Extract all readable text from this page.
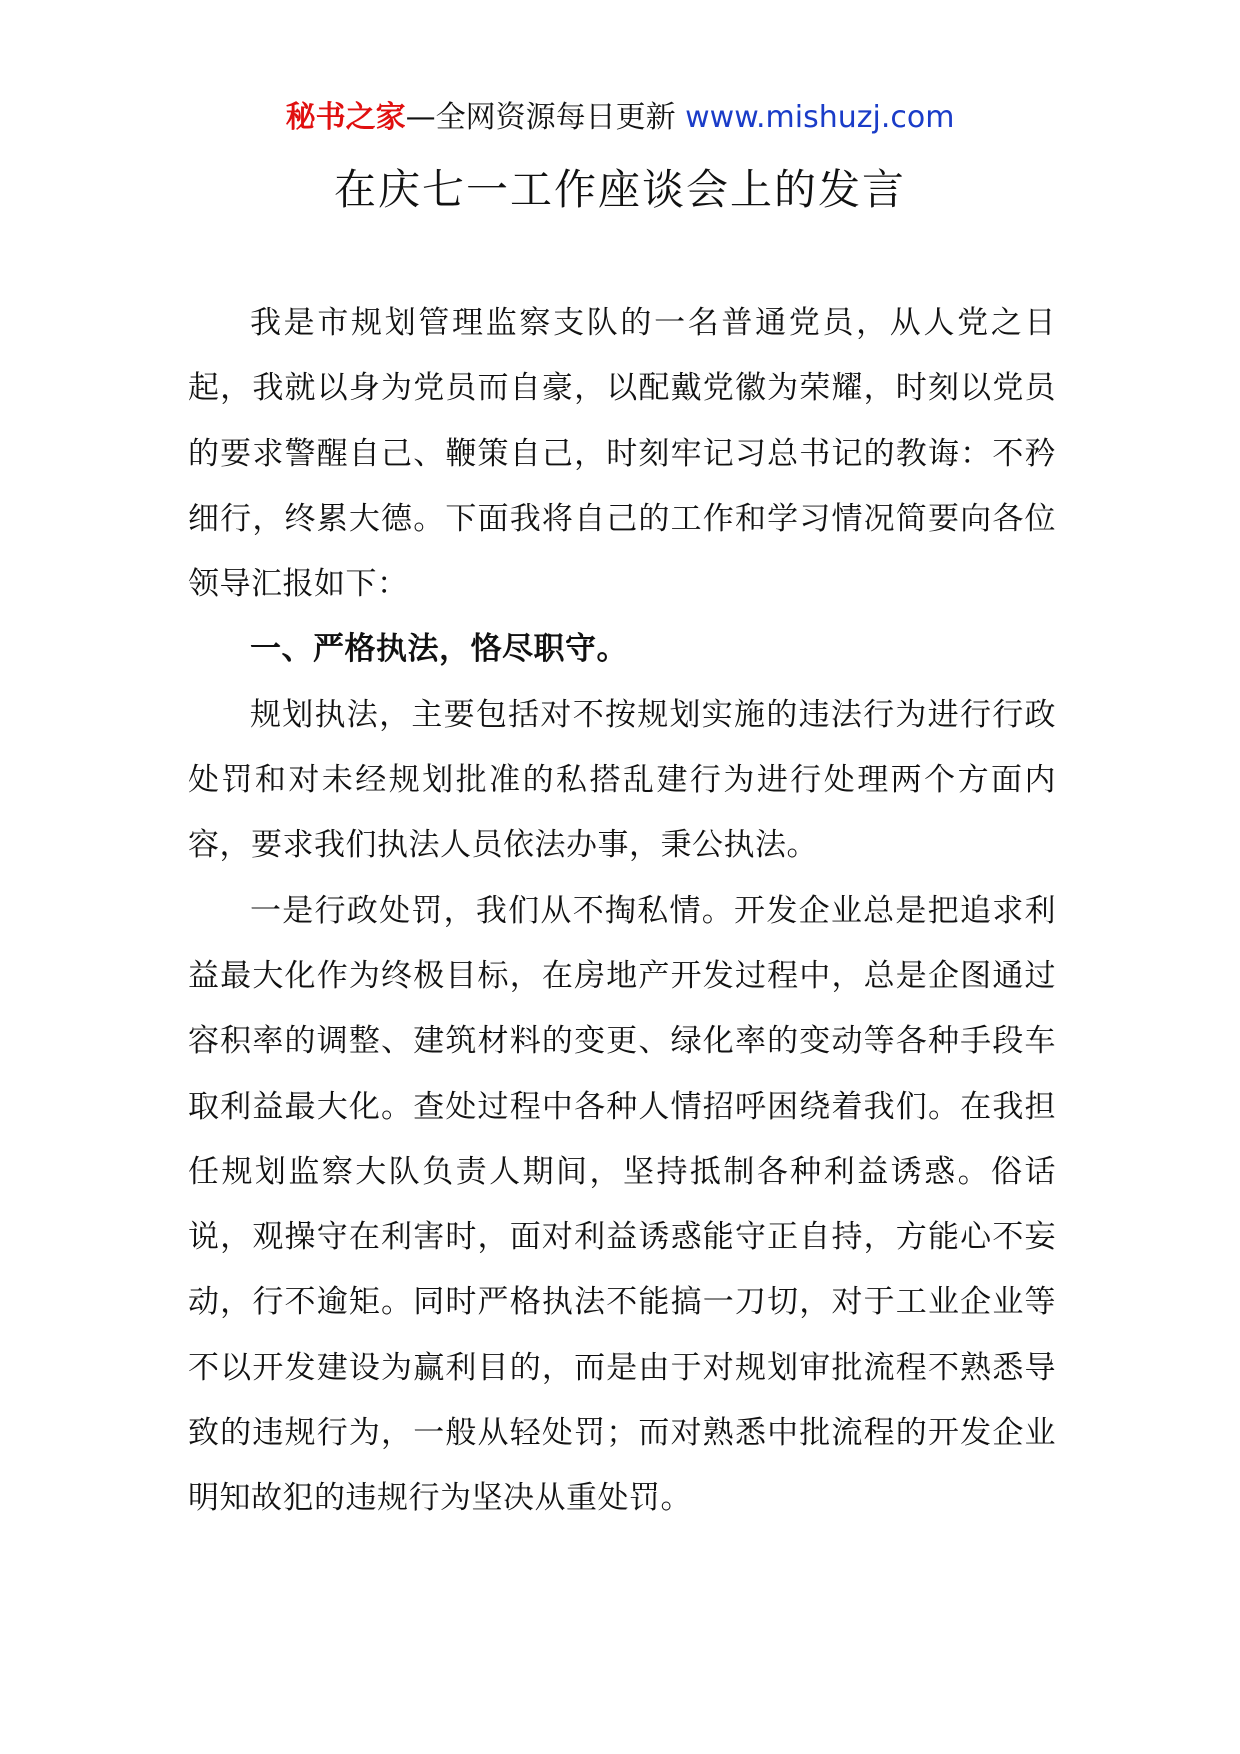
秘书之家—全网资源每日更新 www.mishuzj.com
在庆七一工作座谈会上的发言

我是市规划管理监察支队的一名普通党员，从人党之日起，我就以身为党员而自豪，以配戴党徽为荣耀，时刻以党员的要求警醒自己、鞭策自己，时刻牢记习总书记的教诲：不矜细行，终累大德。下面我将自己的工作和学习情况简要向各位领导汇报如下：

一、严格执法，恪尽职守。

规划执法，主要包括对不按规划实施的违法行为进行行政处罚和对未经规划批准的私搭乱建行为进行处理两个方面内容，要求我们执法人员依法办事，秉公执法。

一是行政处罚，我们从不掏私情。开发企业总是把追求利益最大化作为终极目标，在房地产开发过程中，总是企图通过容积率的调整、建筑材料的变更、绿化率的变动等各种手段车取利益最大化。查处过程中各种人情招呼困绕着我们。在我担任规划监察大队负责人期间，坚持抵制各种利益诱惑。俗话说，观操守在利害时，面对利益诱惑能守正自持，方能心不妄动，行不逾矩。同时严格执法不能搞一刀切，对于工业企业等不以开发建设为赢利目的，而是由于对规划审批流程不熟悉导致的违规行为，一般从轻处罚；而对熟悉中批流程的开发企业明知故犯的违规行为坚决从重处罚。
